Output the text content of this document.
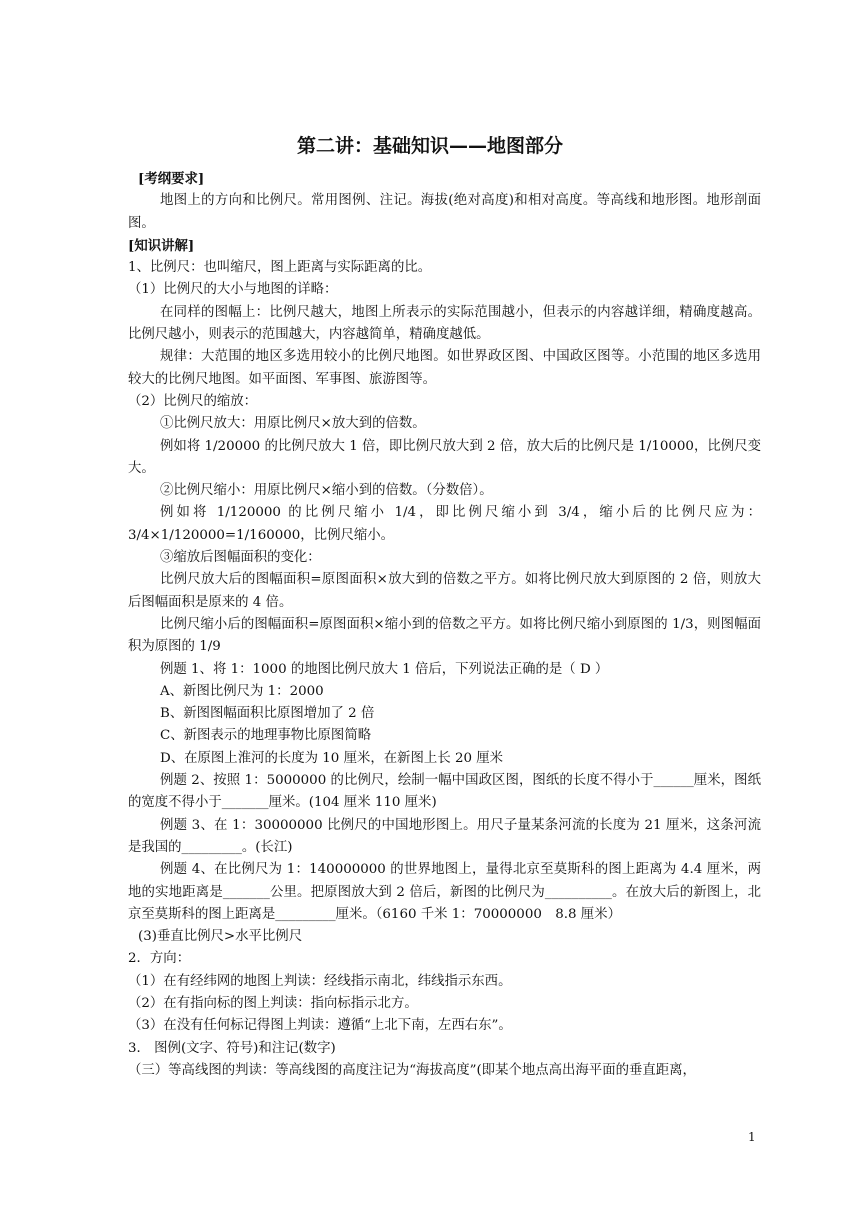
第二讲：基础知识——地图部分

[考纲要求]

地图上的方向和比例尺。常用图例、注记。海拔(绝对高度)和相对高度。等高线和地形图。地形剖面图。

[知识讲解]

1、比例尺：也叫缩尺，图上距离与实际距离的比。

（1）比例尺的大小与地图的详略：

在同样的图幅上：比例尺越大，地图上所表示的实际范围越小，但表示的内容越详细，精确度越高。比例尺越小，则表示的范围越大，内容越简单，精确度越低。

规律：大范围的地区多选用较小的比例尺地图。如世界政区图、中国政区图等。小范围的地区多选用较大的比例尺地图。如平面图、军事图、旅游图等。

（2）比例尺的缩放：

①比例尺放大：用原比例尺×放大到的倍数。

例如将 1/20000 的比例尺放大 1 倍，即比例尺放大到 2 倍，放大后的比例尺是 1/10000，比例尺变大。

②比例尺缩小：用原比例尺×缩小到的倍数。（分数倍）。

例如将 1/120000 的比例尺缩小 1/4，即比例尺缩小到 3/4，缩小后的比例尺应为：3/4×1/120000=1/160000，比例尺缩小。

③缩放后图幅面积的变化：

比例尺放大后的图幅面积=原图面积×放大到的倍数之平方。如将比例尺放大到原图的 2 倍，则放大后图幅面积是原来的 4 倍。

比例尺缩小后的图幅面积=原图面积×缩小到的倍数之平方。如将比例尺缩小到原图的 1/3，则图幅面积为原图的 1/9

例题 1、将 1：1000 的地图比例尺放大 1 倍后，下列说法正确的是（ D ）

A、新图比例尺为 1：2000

B、新图图幅面积比原图增加了 2 倍

C、新图表示的地理事物比原图简略

D、在原图上淮河的长度为 10 厘米，在新图上长 20 厘米

例题 2、按照 1：5000000 的比例尺，绘制一幅中国政区图，图纸的长度不得小于______厘米，图纸的宽度不得小于_______厘米。(104 厘米 110 厘米)

例题 3、在 1：30000000 比例尺的中国地形图上。用尺子量某条河流的长度为 21 厘米，这条河流是我国的_________。(长江)

例题 4、在比例尺为 1：140000000 的世界地图上，量得北京至莫斯科的图上距离为 4.4 厘米，两地的实地距离是_______公里。把原图放大到 2 倍后，新图的比例尺为__________。在放大后的新图上，北京至莫斯科的图上距离是_________厘米。（6160 千米 1：70000000　8.8 厘米）

(3)垂直比例尺>水平比例尺

2．方向：

（1）在有经纬网的地图上判读：经线指示南北，纬线指示东西。

（2）在有指向标的图上判读：指向标指示北方。

（3）在没有任何标记得图上判读：遵循“上北下南，左西右东”。

3． 图例(文字、符号)和注记(数字)

（三）等高线图的判读：等高线图的高度注记为“海拔高度”(即某个地点高出海平面的垂直距离，

1
